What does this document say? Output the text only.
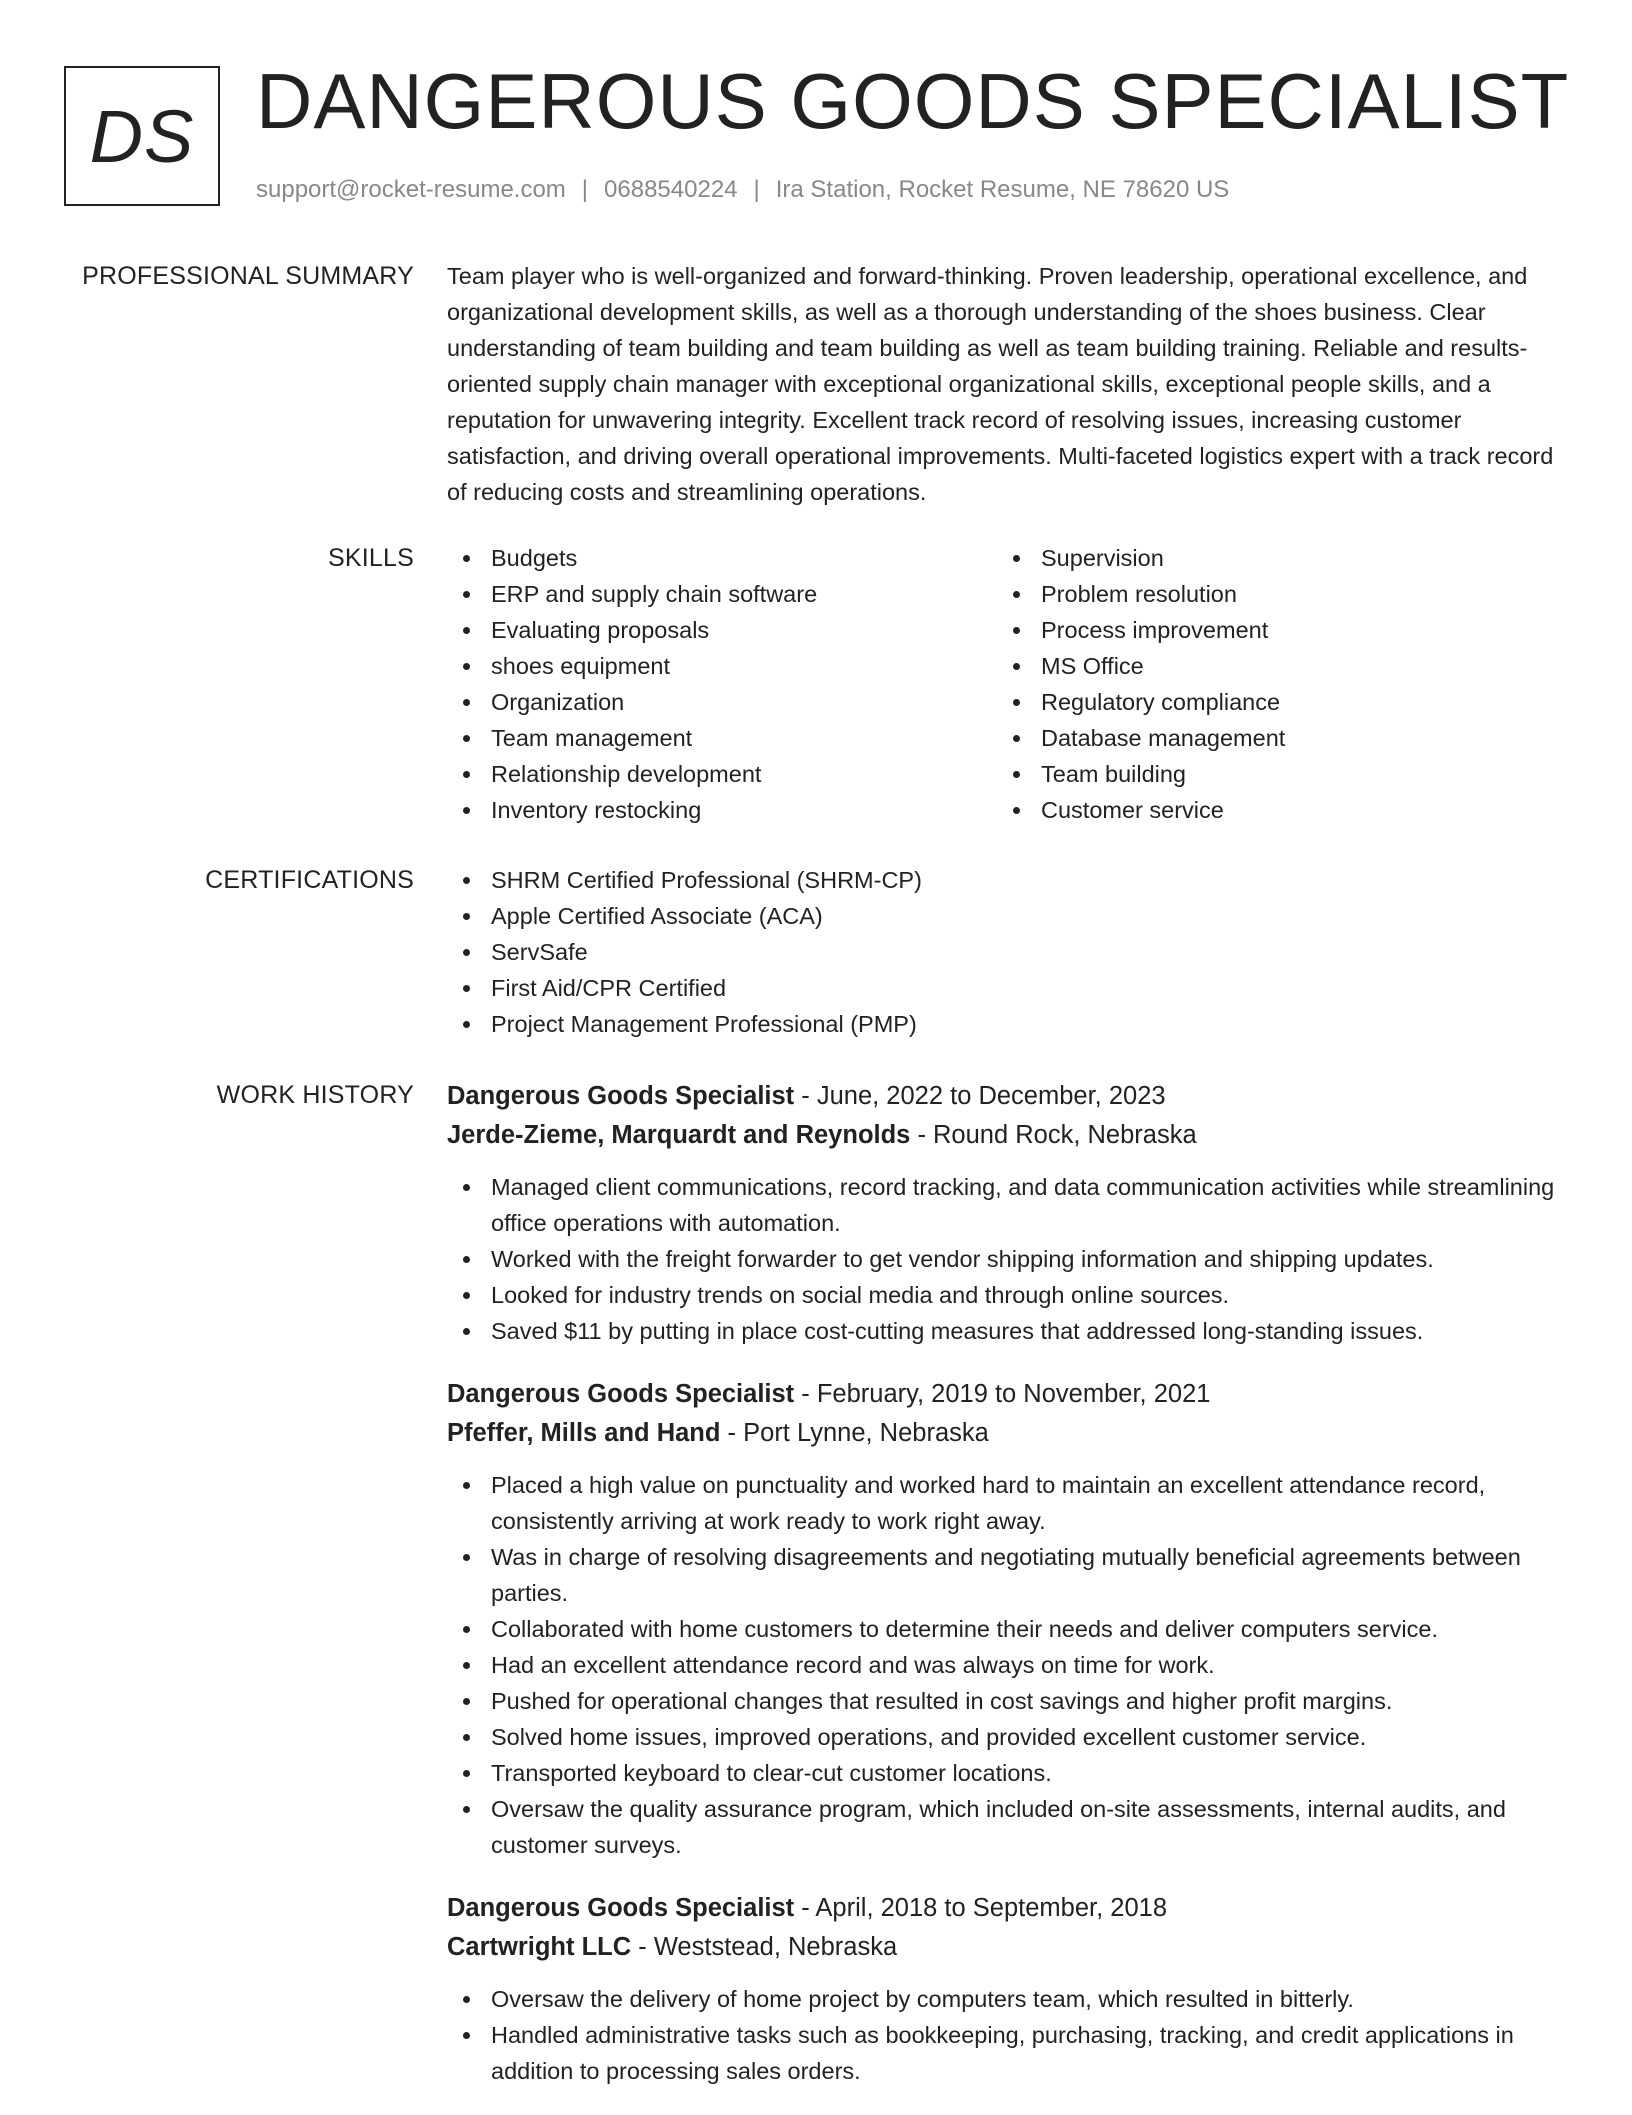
DS DANGEROUS GOODS SPECIALIST
support@rocket-resume.com | 0688540224 | Ira Station, Rocket Resume, NE 78620 US
PROFESSIONAL SUMMARY Team player who is well-organized and forward-thinking. Proven leadership, operational excellence, and organizational development skills, as well as a thorough understanding of the shoes business. Clear understanding of team building and team building as well as team building training. Reliable and results-oriented supply chain manager with exceptional organizational skills, exceptional people skills, and a reputation for unwavering integrity. Excellent track record of resolving issues, increasing customer satisfaction, and driving overall operational improvements. Multi-faceted logistics expert with a track record of reducing costs and streamlining operations.

SKILLS	Budgets
ERP and supply chain software
Evaluating proposals
shoes equipment
Organization
Team management
Relationship development
Inventory restocking
Supervision
Problem resolution
Process improvement
MS Office
Regulatory compliance
Database management
Team building
Customer service
CERTIFICATIONS	SHRM Certified Professional (SHRM-CP)
Apple Certified Associate (ACA)
ServSafe
First Aid/CPR Certified
Project Management Professional (PMP)
WORK HISTORY Dangerous Goods Specialist - June, 2022 to December, 2023
Jerde-Zieme, Marquardt and Reynolds - Round Rock, Nebraska
Managed client communications, record tracking, and data communication activities while streamlining office operations with automation.
Worked with the freight forwarder to get vendor shipping information and shipping updates.
Looked for industry trends on social media and through online sources.
Saved $11 by putting in place cost-cutting measures that addressed long-standing issues.
Dangerous Goods Specialist - February, 2019 to November, 2021
Pfeffer, Mills and Hand - Port Lynne, Nebraska
Placed a high value on punctuality and worked hard to maintain an excellent attendance record, consistently arriving at work ready to work right away.
Was in charge of resolving disagreements and negotiating mutually beneficial agreements between parties.
Collaborated with home customers to determine their needs and deliver computers service.
Had an excellent attendance record and was always on time for work.
Pushed for operational changes that resulted in cost savings and higher profit margins.
Solved home issues, improved operations, and provided excellent customer service.
Transported keyboard to clear-cut customer locations.
Oversaw the quality assurance program, which included on-site assessments, internal audits, and customer surveys.
Dangerous Goods Specialist - April, 2018 to September, 2018
Cartwright LLC - Weststead, Nebraska
Oversaw the delivery of home project by computers team, which resulted in bitterly.
Handled administrative tasks such as bookkeeping, purchasing, tracking, and credit applications in addition to processing sales orders.
